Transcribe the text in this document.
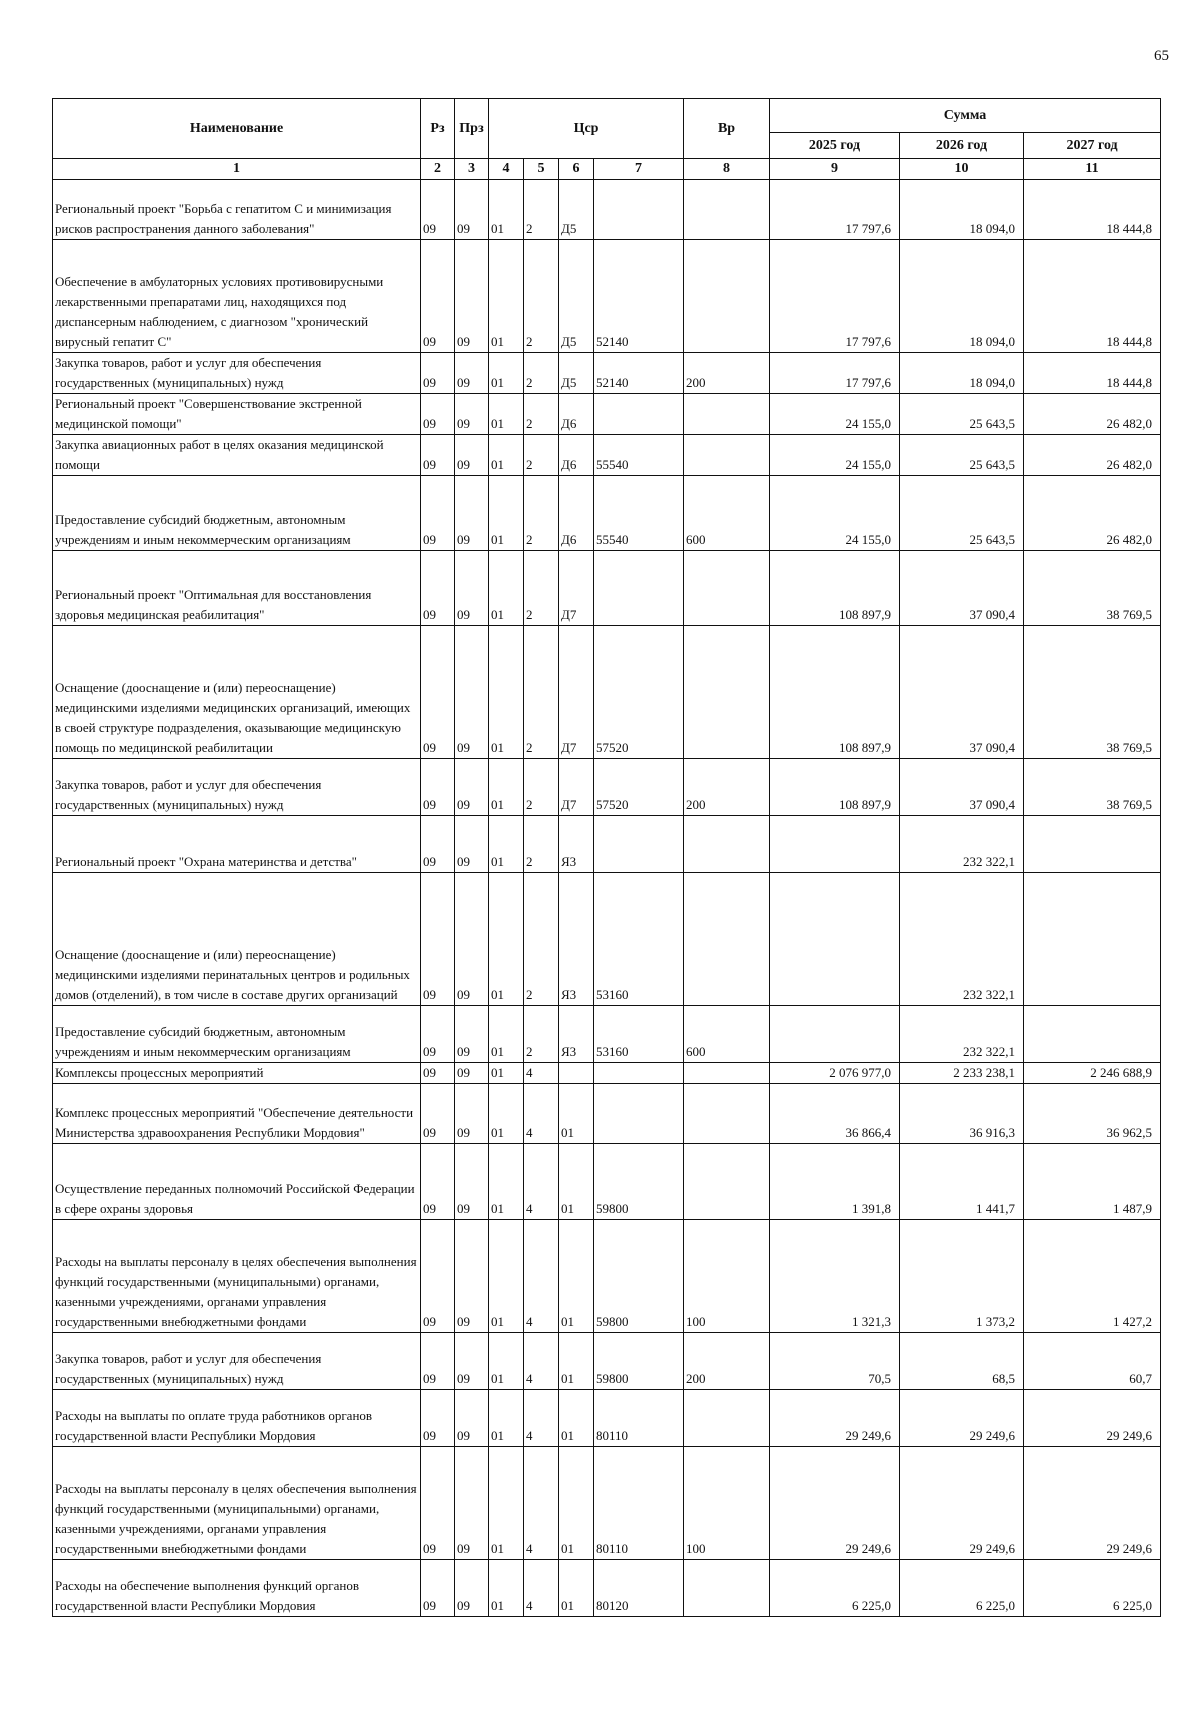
65
Наименование	Рз	Прз	Цср				Вр	Сумма		
								2025 год	2026 год	2027 год
1	2	3	4	5	6	7	8	9	10	11
Региональный проект "Борьба с гепатитом С и минимизация рисков распространения данного заболевания"	09	09	01	2	Д5			17 797,6	18 094,0	18 444,8
Обеспечение в амбулаторных условиях противовирусными лекарственными препаратами лиц, находящихся под диспансерным наблюдением, с диагнозом "хронический вирусный гепатит С"	09	09	01	2	Д5	52140		17 797,6	18 094,0	18 444,8
Закупка товаров, работ и услуг для обеспечения государственных (муниципальных) нужд	09	09	01	2	Д5	52140	200	17 797,6	18 094,0	18 444,8
Региональный проект "Совершенствование экстренной медицинской помощи"	09	09	01	2	Д6			24 155,0	25 643,5	26 482,0
Закупка авиационных работ в целях оказания медицинской помощи	09	09	01	2	Д6	55540		24 155,0	25 643,5	26 482,0
Предоставление субсидий бюджетным, автономным учреждениям и иным некоммерческим организациям	09	09	01	2	Д6	55540	600	24 155,0	25 643,5	26 482,0
Региональный проект "Оптимальная для восстановления здоровья медицинская реабилитация"	09	09	01	2	Д7			108 897,9	37 090,4	38 769,5
Оснащение (дооснащение и (или) переоснащение) медицинскими изделиями медицинских организаций, имеющих в своей структуре подразделения, оказывающие медицинскую помощь по медицинской реабилитации	09	09	01	2	Д7	57520		108 897,9	37 090,4	38 769,5
Закупка товаров, работ и услуг для обеспечения государственных (муниципальных) нужд	09	09	01	2	Д7	57520	200	108 897,9	37 090,4	38 769,5
Региональный проект "Охрана материнства и детства"	09	09	01	2	Я3				232 322,1	
Оснащение (дооснащение и (или) переоснащение) медицинскими изделиями перинатальных центров и родильных домов (отделений), в том числе в составе других организаций	09	09	01	2	Я3	53160			232 322,1	
Предоставление субсидий бюджетным, автономным учреждениям и иным некоммерческим организациям	09	09	01	2	Я3	53160	600		232 322,1	
Комплексы процессных мероприятий	09	09	01	4				2 076 977,0	2 233 238,1	2 246 688,9
Комплекс процессных мероприятий "Обеспечение деятельности Министерства здравоохранения Республики Мордовия"	09	09	01	4	01			36 866,4	36 916,3	36 962,5
Осуществление переданных полномочий Российской Федерации в сфере охраны здоровья	09	09	01	4	01	59800		1 391,8	1 441,7	1 487,9
Расходы на выплаты персоналу в целях обеспечения выполнения функций государственными (муниципальными) органами, казенными учреждениями, органами управления государственными внебюджетными фондами	09	09	01	4	01	59800	100	1 321,3	1 373,2	1 427,2
Закупка товаров, работ и услуг для обеспечения государственных (муниципальных) нужд	09	09	01	4	01	59800	200	70,5	68,5	60,7
Расходы на выплаты по оплате труда работников органов государственной власти Республики Мордовия	09	09	01	4	01	80110		29 249,6	29 249,6	29 249,6
Расходы на выплаты персоналу в целях обеспечения выполнения функций государственными (муниципальными) органами, казенными учреждениями, органами управления государственными внебюджетными фондами	09	09	01	4	01	80110	100	29 249,6	29 249,6	29 249,6
Расходы на обеспечение выполнения функций органов государственной власти Республики Мордовия	09	09	01	4	01	80120		6 225,0	6 225,0	6 225,0
